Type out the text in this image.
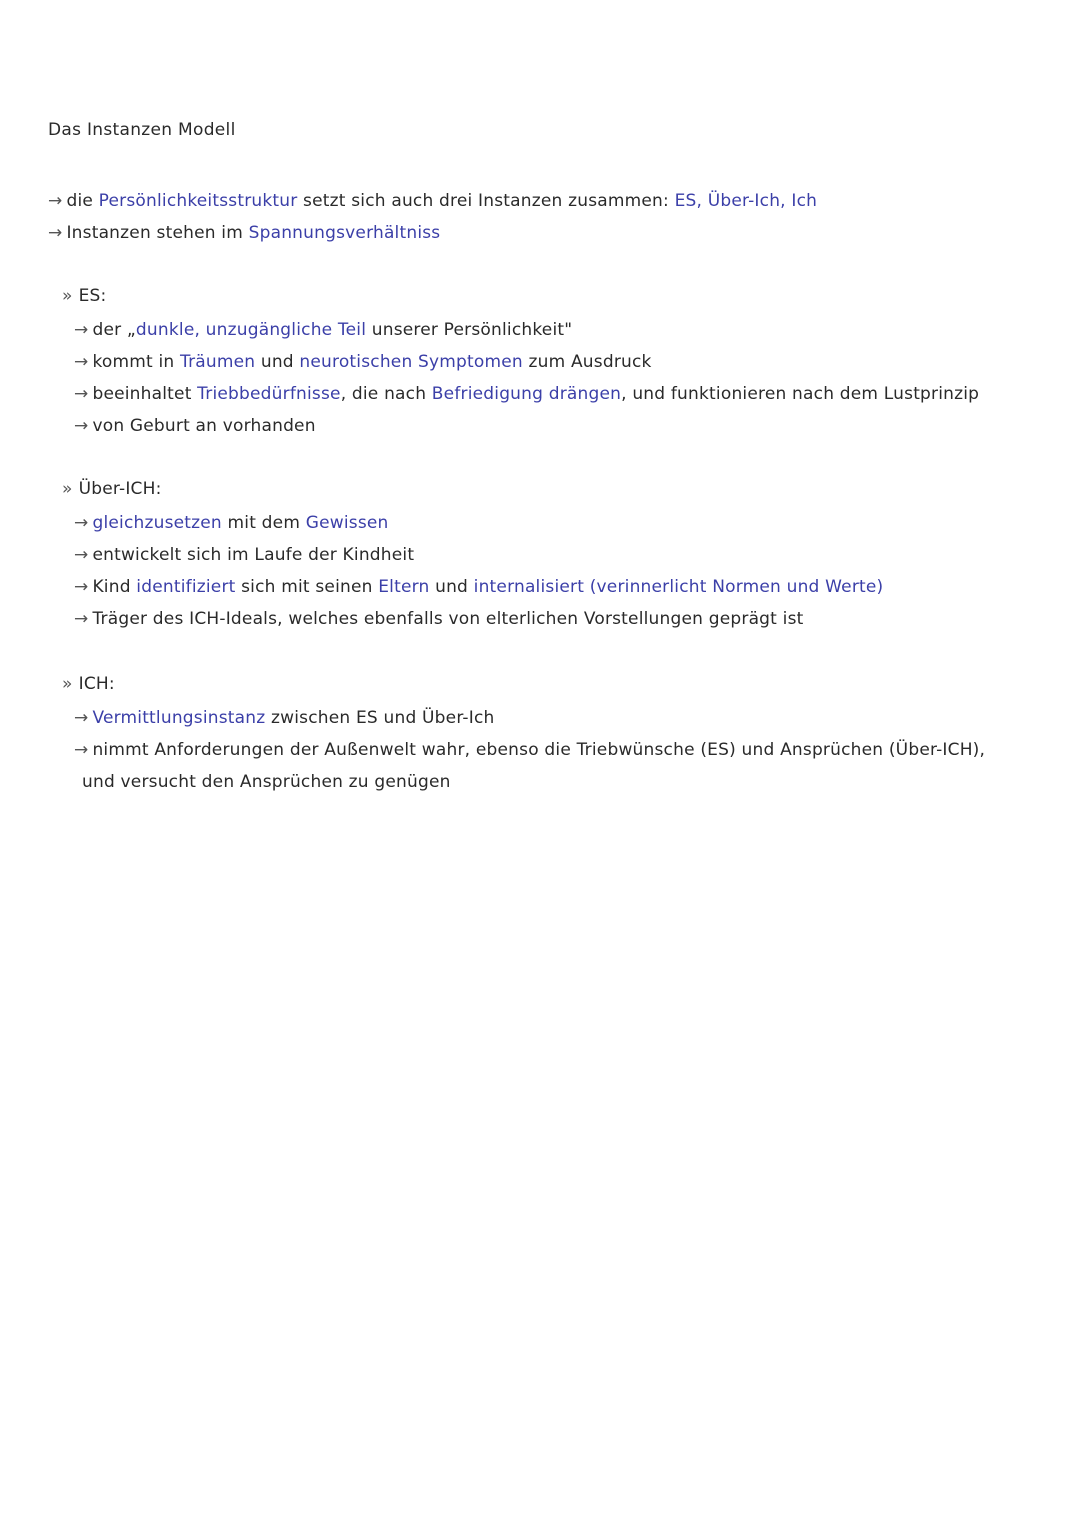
Das Instanzen Modell
→ die Persönlichkeitsstruktur setzt sich auch drei Instanzen zusammen: ES, Über-Ich, Ich
→ Instanzen stehen im Spannungsverhältniss
» ES:
→ der „dunkle, unzugängliche Teil unserer Persönlichkeit"
→ kommt in Träumen und neurotischen Symptomen zum Ausdruck
→ beeinhaltet Triebbedürfnisse, die nach Befriedigung drängen, und funktionieren nach dem Lustprinzip
→ von Geburt an vorhanden
» Über-ICH:
→ gleichzusetzen mit dem Gewissen
→ entwickelt sich im Laufe der Kindheit
→ Kind identifiziert sich mit seinen Eltern und internalisiert (verinnerlicht Normen und Werte)
→ Träger des ICH-Ideals, welches ebenfalls von elterlichen Vorstellungen geprägt ist
» ICH:
→ Vermittlungsinstanz zwischen ES und Über-Ich
→ nimmt Anforderungen der Außenwelt wahr, ebenso die Triebwünsche (ES) und Ansprüchen (Über-ICH),
und versucht den Ansprüchen zu genügen
